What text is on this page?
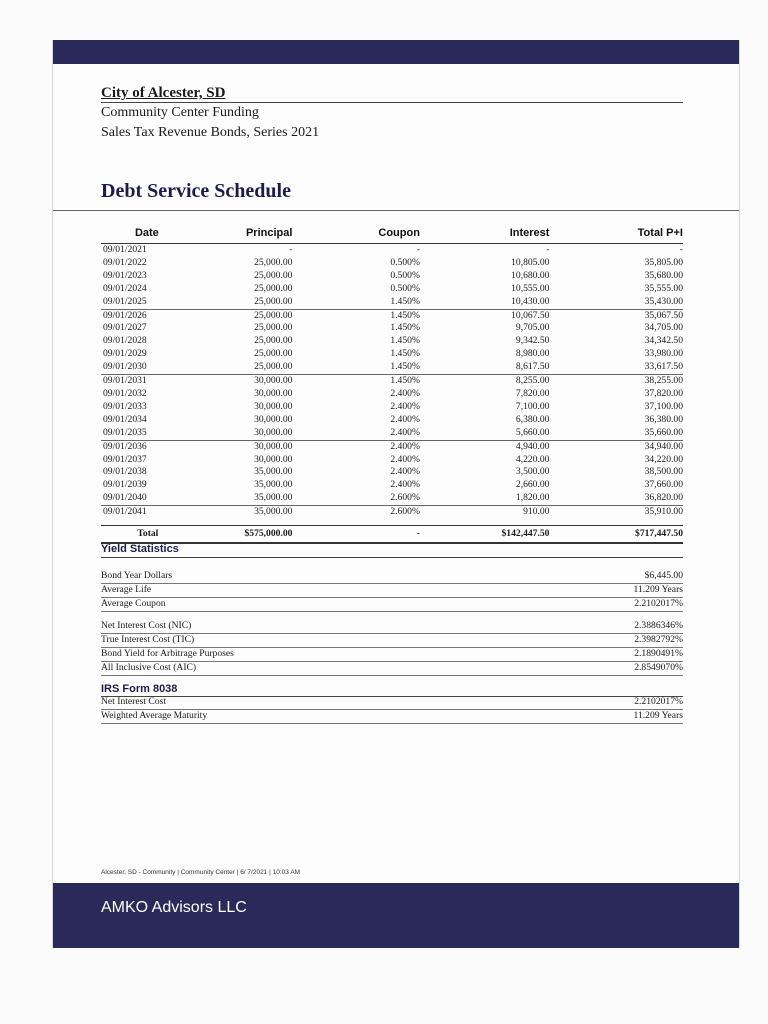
City of Alcester, SD
Community Center Funding
Sales Tax Revenue Bonds, Series 2021
Debt Service Schedule
Date	Principal	Coupon	Interest	Total P+I
09/01/2021	-	-	-	-
09/01/2022	25,000.00	0.500%	10,805.00	35,805.00
09/01/2023	25,000.00	0.500%	10,680.00	35,680.00
09/01/2024	25,000.00	0.500%	10,555.00	35,555.00
09/01/2025	25,000.00	1.450%	10,430.00	35,430.00
09/01/2026	25,000.00	1.450%	10,067.50	35,067.50
09/01/2027	25,000.00	1.450%	9,705.00	34,705.00
09/01/2028	25,000.00	1.450%	9,342.50	34,342.50
09/01/2029	25,000.00	1.450%	8,980.00	33,980.00
09/01/2030	25,000.00	1.450%	8,617.50	33,617.50
09/01/2031	30,000.00	1.450%	8,255.00	38,255.00
09/01/2032	30,000.00	2.400%	7,820.00	37,820.00
09/01/2033	30,000.00	2.400%	7,100.00	37,100.00
09/01/2034	30,000.00	2.400%	6,380.00	36,380.00
09/01/2035	30,000.00	2.400%	5,660.00	35,660.00
09/01/2036	30,000.00	2.400%	4,940.00	34,940.00
09/01/2037	30,000.00	2.400%	4,220.00	34,220.00
09/01/2038	35,000.00	2.400%	3,500.00	38,500.00
09/01/2039	35,000.00	2.400%	2,660.00	37,660.00
09/01/2040	35,000.00	2.600%	1,820.00	36,820.00
09/01/2041	35,000.00	2.600%	910.00	35,910.00

Total	$575,000.00	-	$142,447.50	$717,447.50
Yield Statistics
Bond Year Dollars	$6,445.00
Average Life	11.209 Years
Average Coupon	2.2102017%
Net Interest Cost (NIC)	2.3886346%
True Interest Cost (TIC)	2.3982792%
Bond Yield for Arbitrage Purposes	2.1890491%
All Inclusive Cost (AIC)	2.8549070%
IRS Form 8038
Net Interest Cost	2.2102017%
Weighted Average Maturity	11.209 Years
Alcester, SD - Community | Community Center | 6/ 7/2021 | 10:03 AM
AMKO Advisors LLC
